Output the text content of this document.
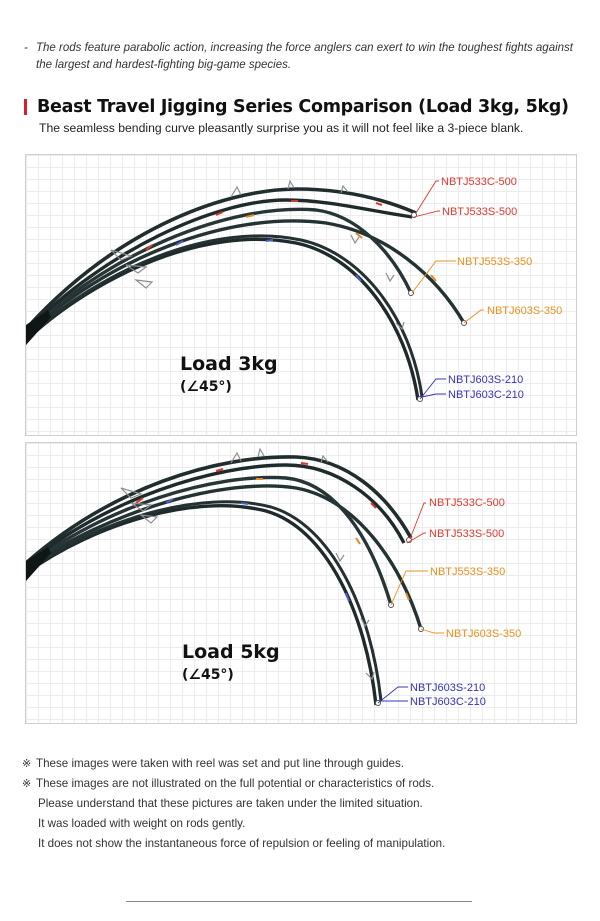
- The rods feature parabolic action, increasing the force anglers can exert to win the toughest fights against the largest and hardest-fighting big-game species.
Beast Travel Jigging Series Comparison (Load 3kg, 5kg)
The seamless bending curve pleasantly surprise you as it will not feel like a 3-piece blank.
NBTJ533C-500
NBTJ533S-500
NBTJ553S-350
NBTJ603S-350
NBTJ603S-210
NBTJ603C-210
Load 3kg
(∠45°)
NBTJ533C-500
NBTJ533S-500
NBTJ553S-350
NBTJ603S-350
NBTJ603S-210
NBTJ603C-210
Load 5kg
(∠45°)
※ These images were taken with reel was set and put line through guides.
※ These images are not illustrated on the full potential or characteristics of rods.
Please understand that these pictures are taken under the limited situation.
It was loaded with weight on rods gently.
It does not show the instantaneous force of repulsion or feeling of manipulation.
